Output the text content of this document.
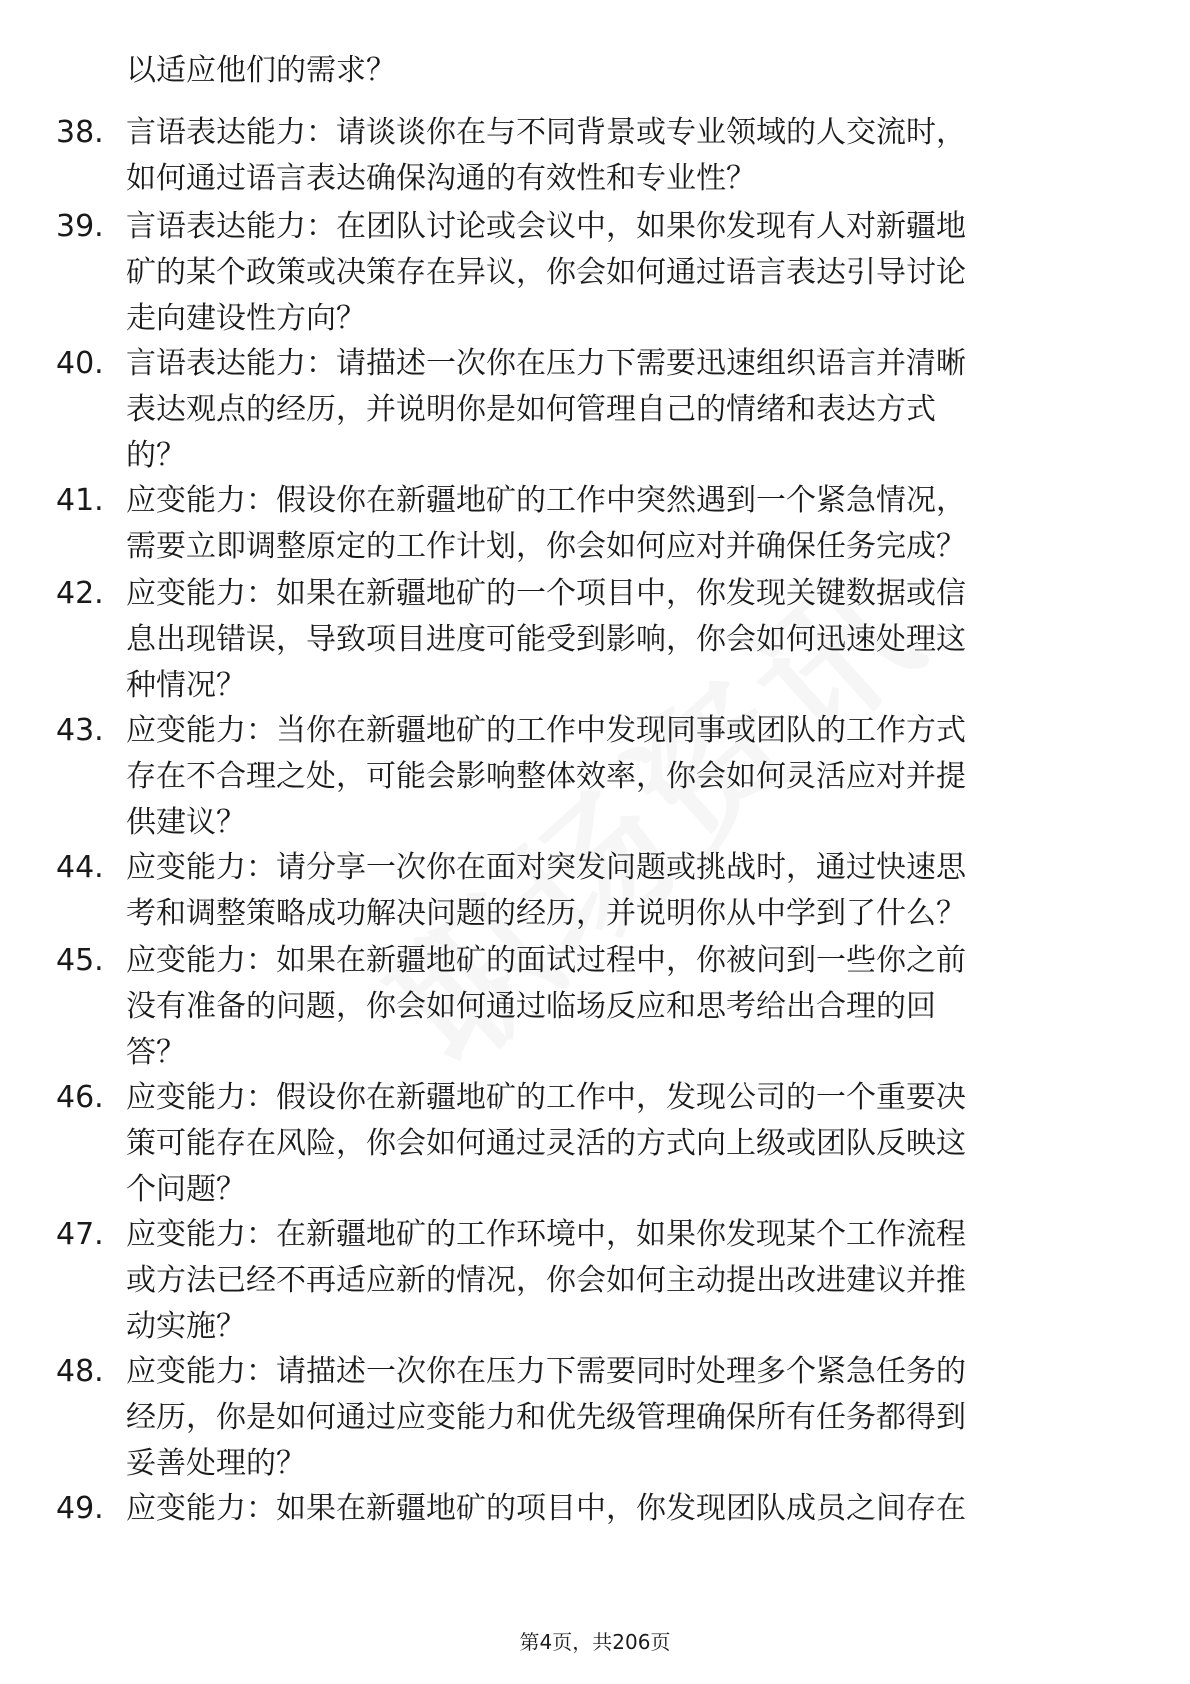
以适应他们的需求？
38. 言语表达能力：请谈谈你在与不同背景或专业领域的人交流时，
如何通过语言表达确保沟通的有效性和专业性？
39. 言语表达能力：在团队讨论或会议中，如果你发现有人对新疆地
矿的某个政策或决策存在异议，你会如何通过语言表达引导讨论
走向建设性方向？
40. 言语表达能力：请描述一次你在压力下需要迅速组织语言并清晰
表达观点的经历，并说明你是如何管理自己的情绪和表达方式
的？
41. 应变能力：假设你在新疆地矿的工作中突然遇到一个紧急情况，
需要立即调整原定的工作计划，你会如何应对并确保任务完成？
42. 应变能力：如果在新疆地矿的一个项目中，你发现关键数据或信
息出现错误，导致项目进度可能受到影响，你会如何迅速处理这
种情况？
43. 应变能力：当你在新疆地矿的工作中发现同事或团队的工作方式
存在不合理之处，可能会影响整体效率，你会如何灵活应对并提
供建议？
44. 应变能力：请分享一次你在面对突发问题或挑战时，通过快速思
考和调整策略成功解决问题的经历，并说明你从中学到了什么？
45. 应变能力：如果在新疆地矿的面试过程中，你被问到一些你之前
没有准备的问题，你会如何通过临场反应和思考给出合理的回
答？
46. 应变能力：假设你在新疆地矿的工作中，发现公司的一个重要决
策可能存在风险，你会如何通过灵活的方式向上级或团队反映这
个问题？
47. 应变能力：在新疆地矿的工作环境中，如果你发现某个工作流程
或方法已经不再适应新的情况，你会如何主动提出改进建议并推
动实施？
48. 应变能力：请描述一次你在压力下需要同时处理多个紧急任务的
经历，你是如何通过应变能力和优先级管理确保所有任务都得到
妥善处理的？
49. 应变能力：如果在新疆地矿的项目中，你发现团队成员之间存在
第4页，共206页
